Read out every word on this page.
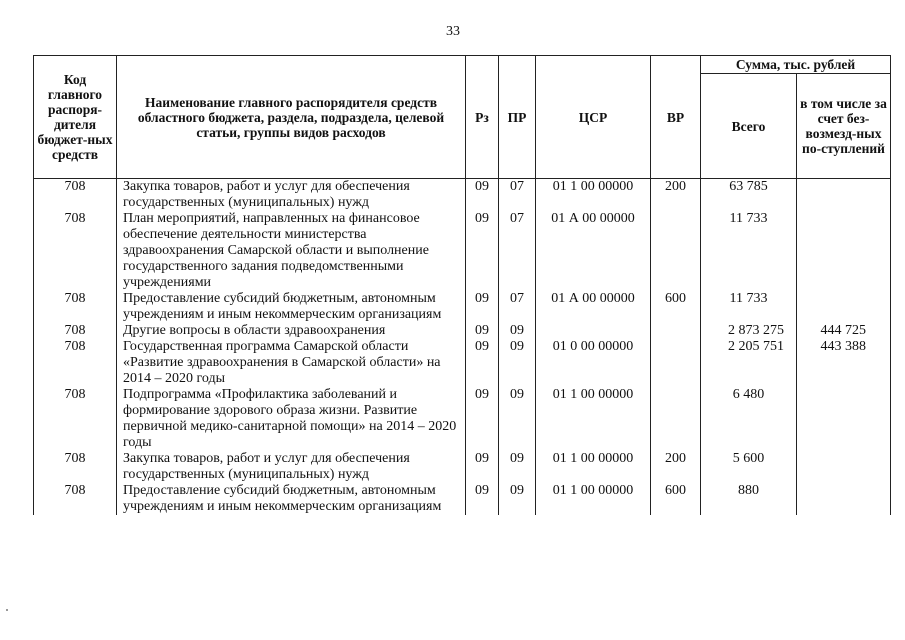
33
Код главного распоря-дителя бюджет-ных средств	Наименование главного распорядителя средств областного бюджета, раздела, подраздела, целевой статьи, группы видов расходов	Рз	ПР	ЦСР	ВР	Сумма, тыс. рублей	
						Всего	в том числе за счет без-возмезд-ных по-ступлений
708	Закупка товаров, работ и услуг для обеспечения государственных (муниципальных) нужд	09	07	01 1 00 00000	200	63 785	
708	План мероприятий, направленных на финансовое обеспечение деятельности министерства здравоохранения Самарской области и выполнение государственного задания подведомственными учреждениями	09	07	01 А 00 00000		11 733	
708	Предоставление субсидий бюджетным, автономным учреждениям и иным некоммерческим организациям	09	07	01 А 00 00000	600	11 733	
708	Другие вопросы в области здравоохранения	09	09			2 873 275	444 725
708	Государственная программа Самарской области «Развитие здравоохранения в Самарской области» на 2014 – 2020 годы	09	09	01 0 00 00000		2 205 751	443 388
708	Подпрограмма «Профилактика заболеваний и формирование здорового образа жизни. Развитие первичной медико-санитарной помощи» на 2014 – 2020 годы	09	09	01 1 00 00000		6 480	
708	Закупка товаров, работ и услуг для обеспечения государственных (муниципальных) нужд	09	09	01 1 00 00000	200	5 600	
708	Предоставление субсидий бюджетным, автономным учреждениям и иным некоммерческим организациям	09	09	01 1 00 00000	600	880	
